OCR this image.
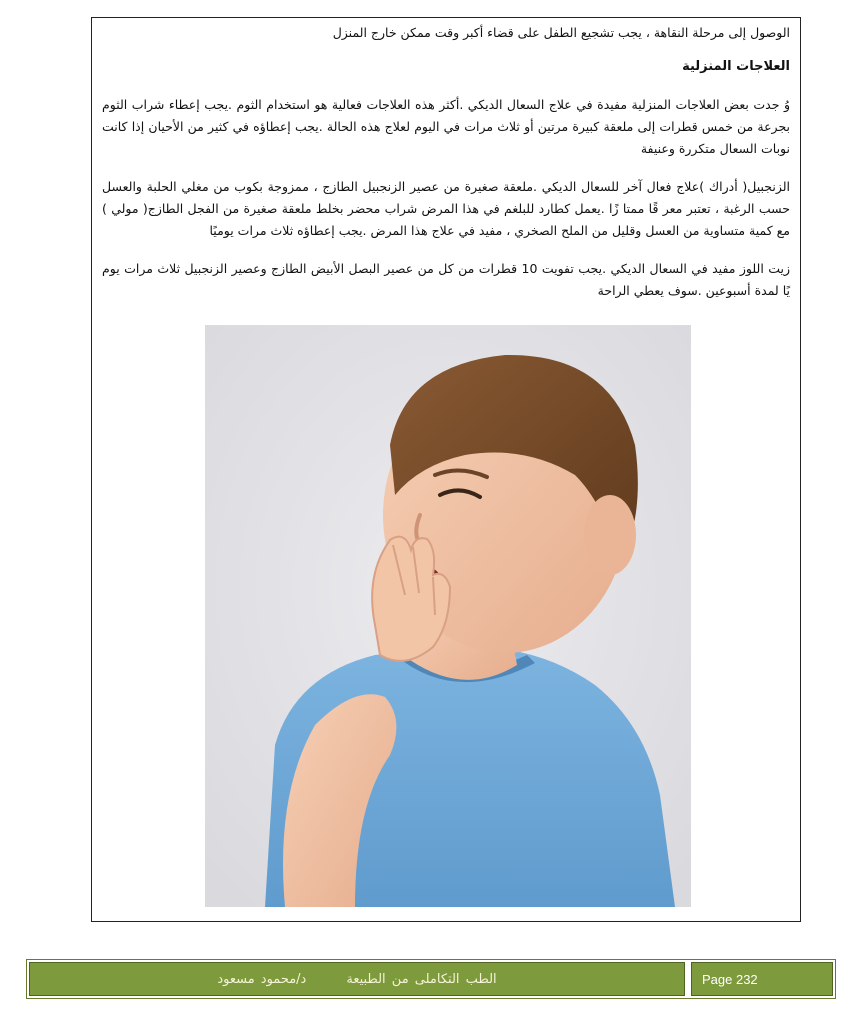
الوصول إلى مرحلة النقاهة ، يجب تشجيع الطفل على قضاء أكبر وقت ممكن خارج المنزل

العلاجات المنزلية

وُ جدت بعض العلاجات المنزلية مفيدة في علاج السعال الديكي .أكثر هذه العلاجات فعالية هو استخدام الثوم .يجب إعطاء شراب الثوم بجرعة من خمس قطرات إلى ملعقة كبيرة مرتين أو ثلاث مرات في اليوم لعلاج هذه الحالة .يجب إعطاؤه في كثير من الأحيان إذا كانت نوبات السعال متكررة وعنيفة

الزنجبيل( أدراك )علاج فعال آخر للسعال الديكي .ملعقة صغيرة من عصير الزنجبيل الطازج ، ممزوجة بكوب من مغلي الحلبة والعسل حسب الرغبة ، تعتبر معر قًا ممتا زًا .يعمل كطارد للبلغم في هذا المرض شراب محضر بخلط ملعقة صغيرة من الفجل الطازج( مولي ) مع كمية متساوية من العسل وقليل من الملح الصخري ، مفيد في علاج هذا المرض .يجب إعطاؤه ثلاث مرات يوميًا

زيت اللوز مفيد في السعال الديكي .يجب تفويت 10 قطرات من كل من عصير البصل الأبيض الطازج وعصير الزنجبيل ثلاث مرات يوم يًا لمدة أسبوعين .سوف يعطي الراحة

الطب التكاملى من الطبيعة
د/محمود مسعود	Page 232
